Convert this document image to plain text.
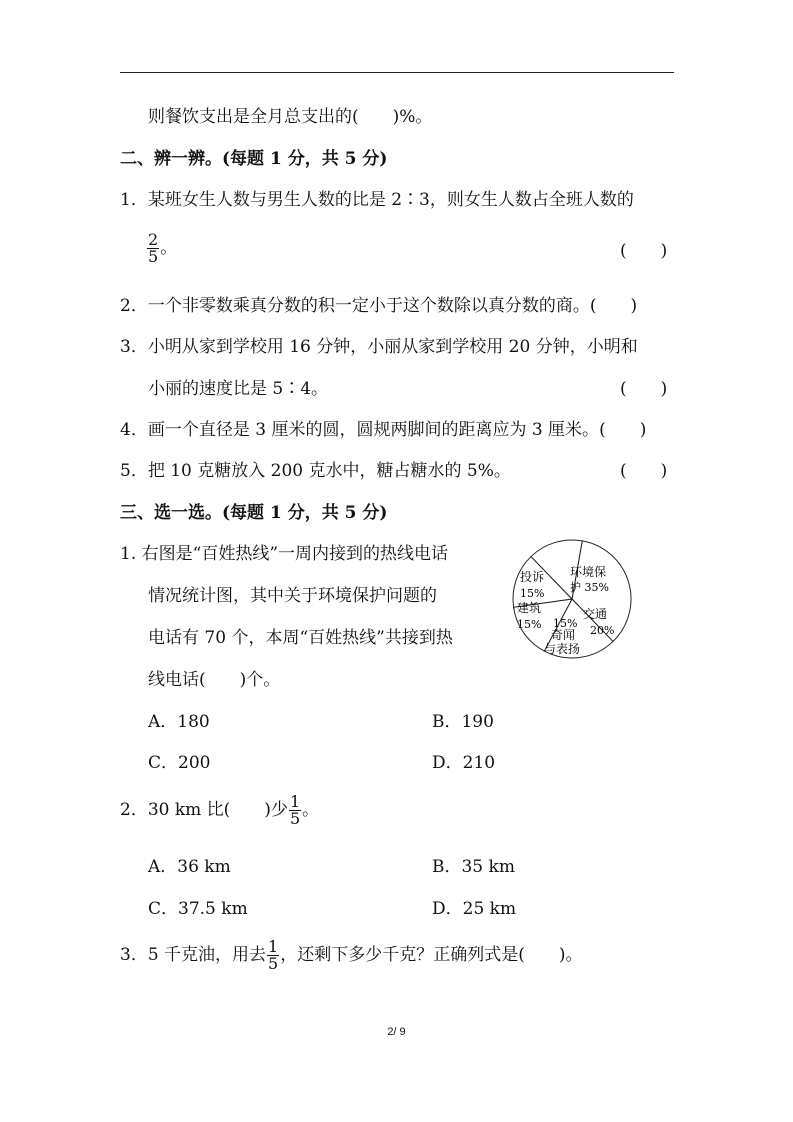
则餐饮支出是全月总支出的(　　)%。
二、辨一辨。(每题 1 分，共 5 分)
1．某班女生人数与男生人数的比是 2∶3，则女生人数占全班人数的
$\frac{2}{5}$ 。	(　　)
2．一个非零数乘真分数的积一定小于这个数除以真分数的商。(　　)
3．小明从家到学校用 16 分钟，小丽从家到学校用 20 分钟，小明和
小丽的速度比是 5∶4。	(　　)
4．画一个直径是 3 厘米的圆，圆规两脚间的距离应为 3 厘米。( )
5．把 10 克糖放入 200 克水中，糖占糖水的 5%。	(　　)
三、选一选。(每题 1 分，共 5 分)
1. 右图是“百姓热线”一周内接到的热线电话
情况统计图，其中关于环境保护问题的
电话有 70 个，本周“百姓热线”共接到热
线电话(　　)个。
投诉
15%
环境保
护 35%
建筑
15%
交通
20%
15%
奇闻
与表扬
A．180	B．190
C．200	D．210
2．30 km 比(　　)少 $\frac{1}{5}$ 。
A．36 km	B．35 km
C．37.5 km	D．25 km
3．5 千克油，用去 $\frac{1}{5}$ ，还剩下多少千克？正确列式是(　　)。
2/ 9
